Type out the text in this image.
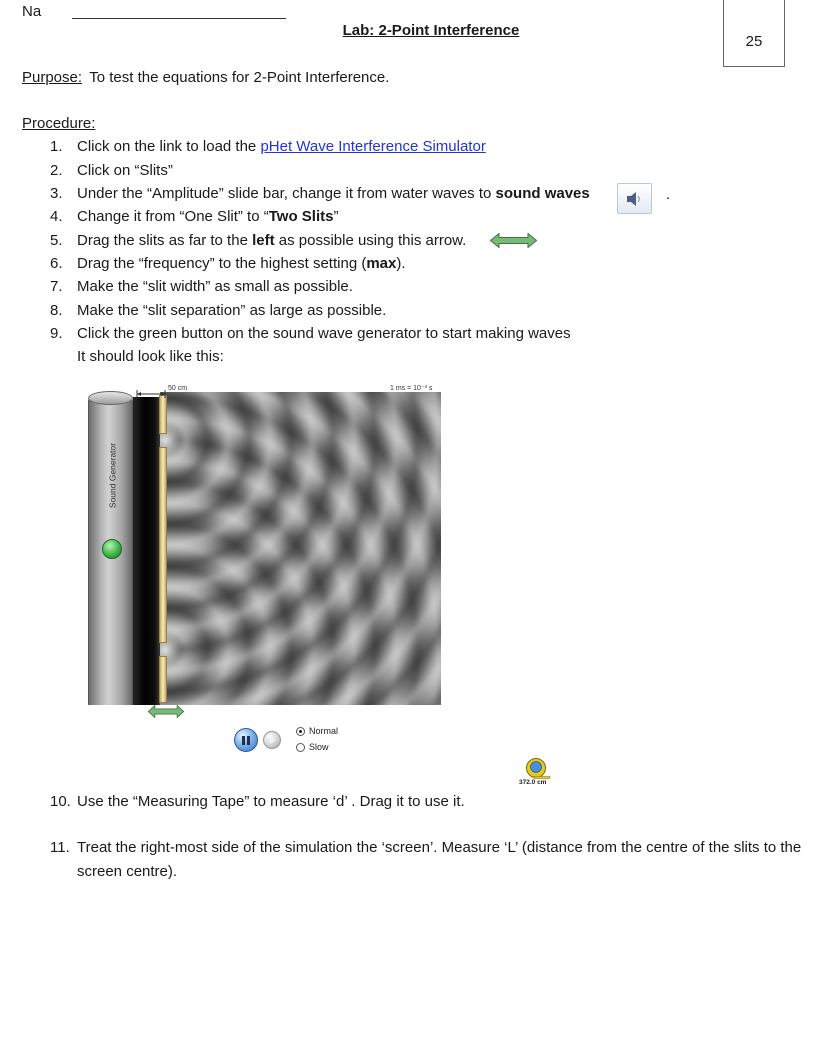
Na
Lab: 2-Point Interference
25
Purpose: To test the equations for 2-Point Interference.
Procedure:
1. Click on the link to load the pHet Wave Interference Simulator
2. Click on “Slits”
3. Under the “Amplitude” slide bar, change it from water waves to sound waves	.
4. Change it from “One Slit” to “Two Slits”
5. Drag the slits as far to the left as possible using this arrow.
6. Drag the “frequency” to the highest setting (max).
7. Make the “slit width” as small as possible.
8. Make the “slit separation” as large as possible.
9. Click the green button on the sound wave generator to start making waves
It should look like this:
Sound Generator
50 cm	1 ms = 10⁻³ s
Normal
Slow
372.0 cm
10. Use the “Measuring Tape” to measure ‘d’ . Drag it to use it.
11. Treat the right-most side of the simulation the ‘screen’. Measure ‘L’ (distance from the centre of the slits to the screen centre).
